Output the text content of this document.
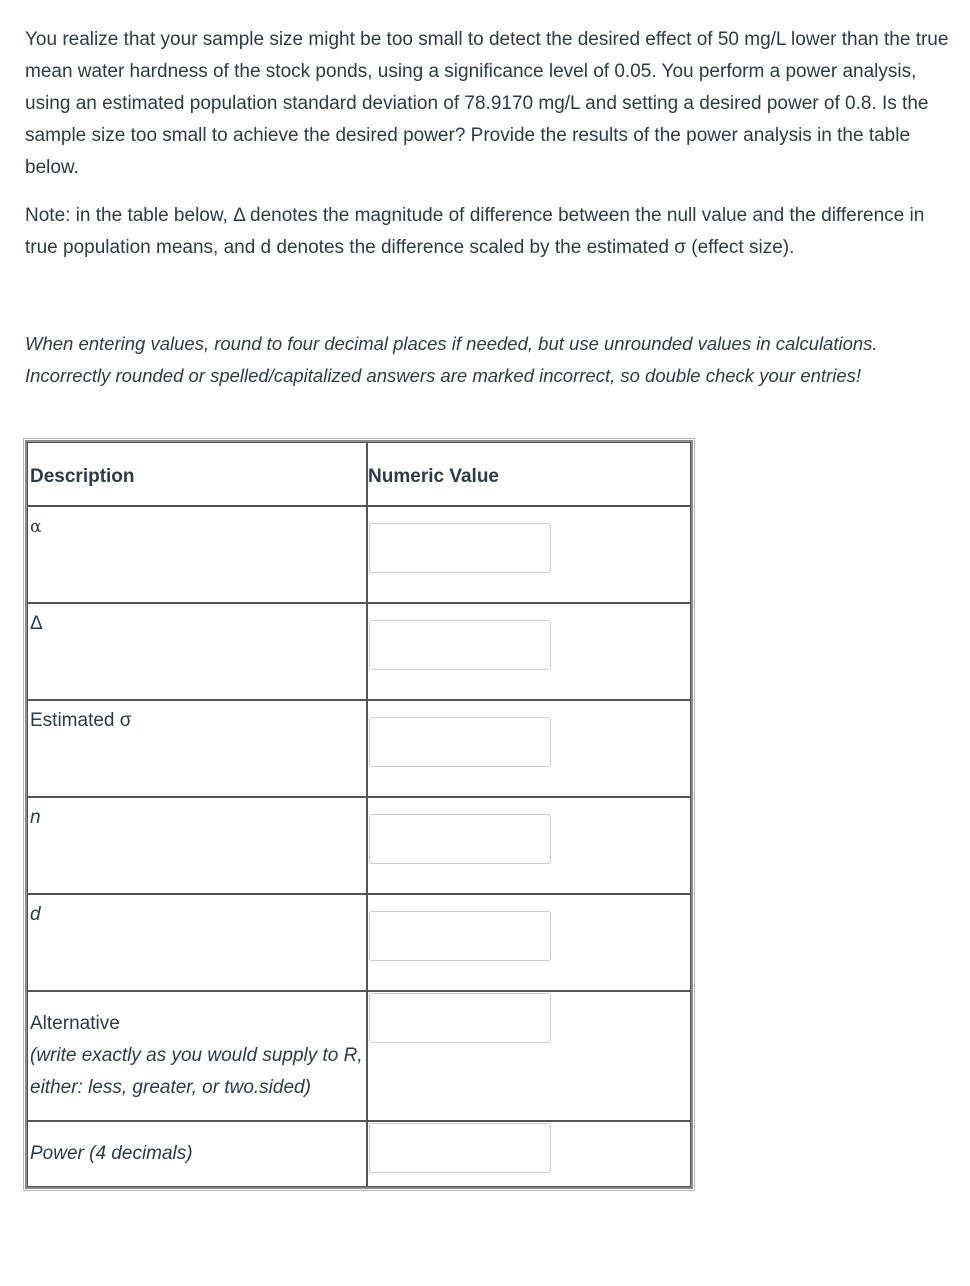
You realize that your sample size might be too small to detect the desired effect of 50 mg/L lower than the true mean water hardness of the stock ponds, using a significance level of 0.05. You perform a power analysis, using an estimated population standard deviation of 78.9170 mg/L and setting a desired power of 0.8. Is the sample size too small to achieve the desired power? Provide the results of the power analysis in the table below.

Note: in the table below, Δ denotes the magnitude of difference between the null value and the difference in true population means, and d denotes the difference scaled by the estimated σ (effect size).

When entering values, round to four decimal places if needed, but use unrounded values in calculations. Incorrectly rounded or spelled/capitalized answers are marked incorrect, so double check your entries!

Description	Numeric Value
α	

Δ	

Estimated σ	

n	

d	

Alternative
(write exactly as you would supply to R, either: less, greater, or two.sided)

Power (4 decimals)	
